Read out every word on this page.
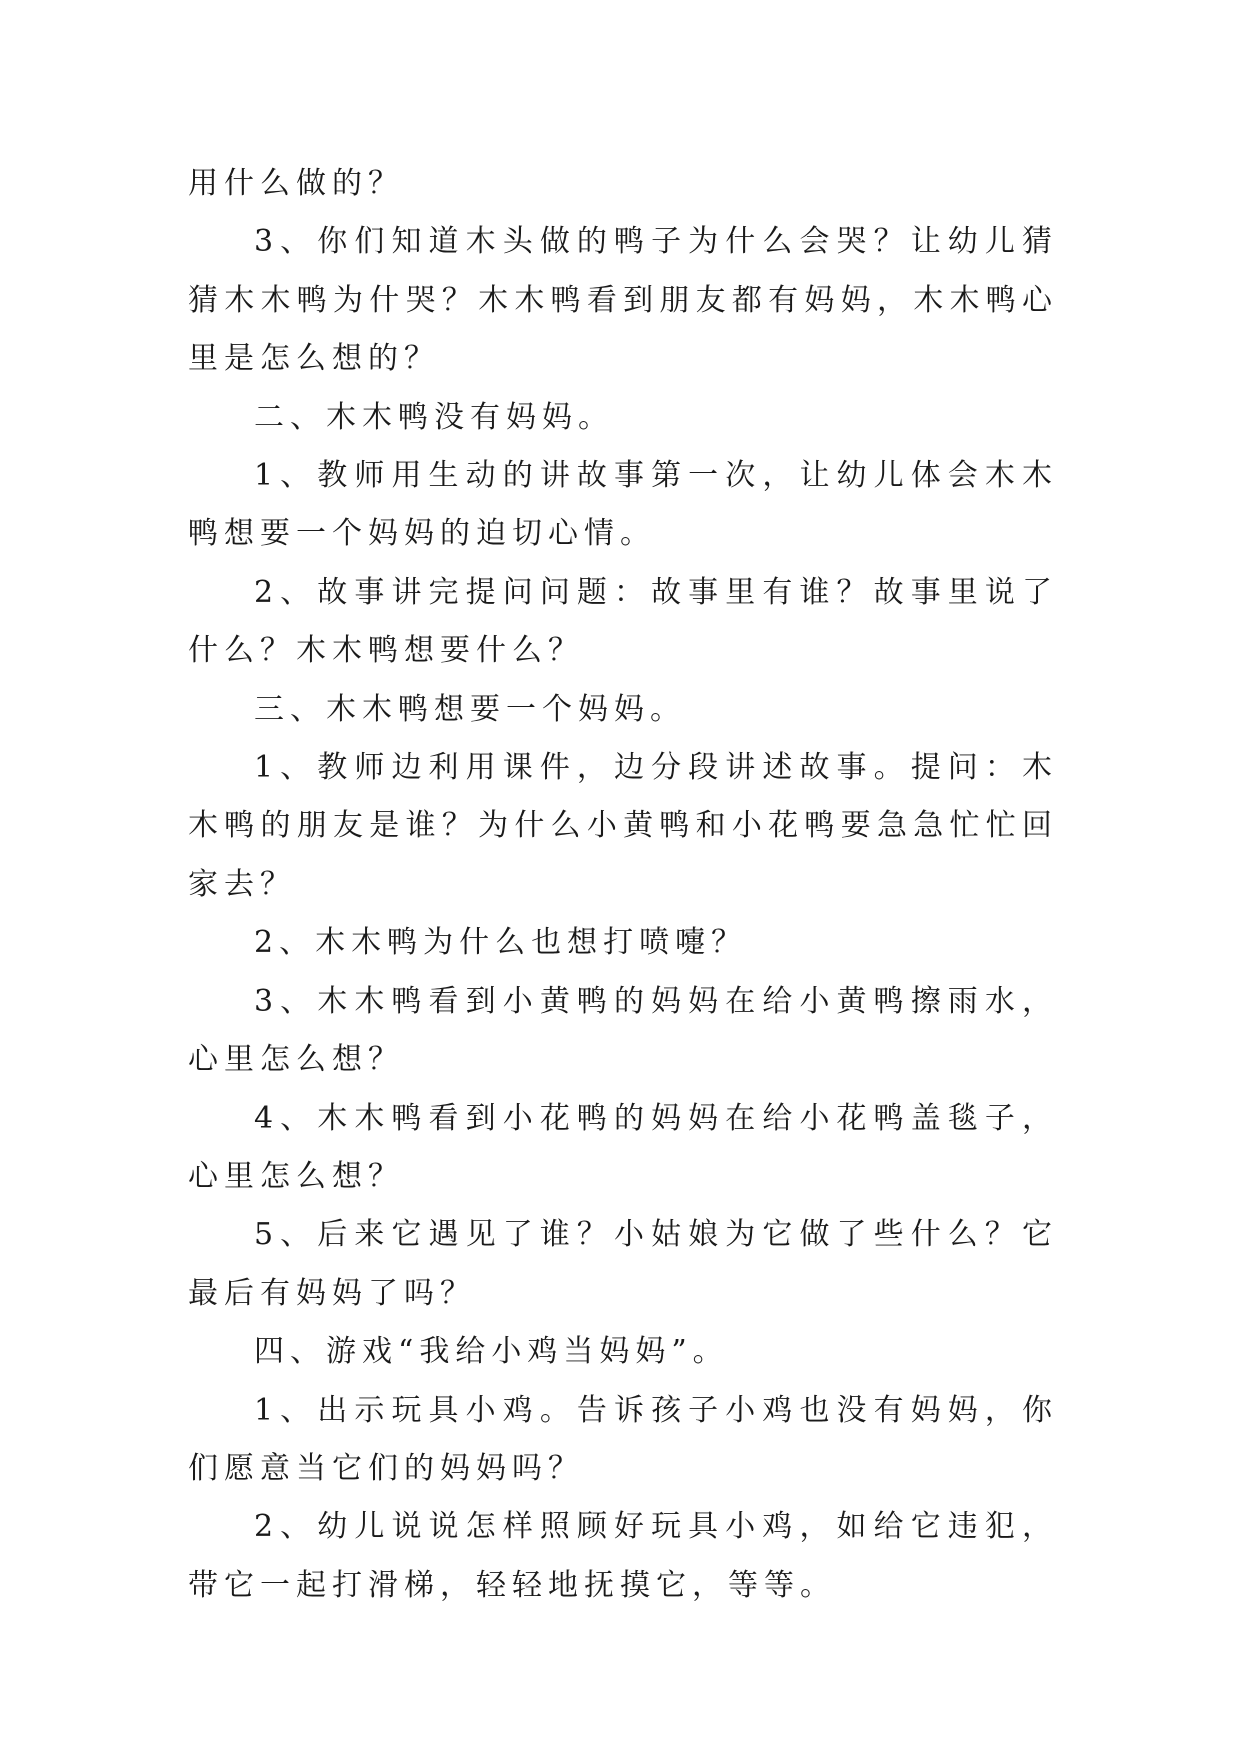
用什么做的？

3、你们知道木头做的鸭子为什么会哭？让幼儿猜猜木木鸭为什哭？木木鸭看到朋友都有妈妈，木木鸭心里是怎么想的？

二、木木鸭没有妈妈。

1、教师用生动的讲故事第一次，让幼儿体会木木鸭想要一个妈妈的迫切心情。

2、故事讲完提问问题：故事里有谁？故事里说了什么？木木鸭想要什么？

三、木木鸭想要一个妈妈。

1、教师边利用课件，边分段讲述故事。提问：木木鸭的朋友是谁？为什么小黄鸭和小花鸭要急急忙忙回家去？

2、木木鸭为什么也想打喷嚏？

3、木木鸭看到小黄鸭的妈妈在给小黄鸭擦雨水，心里怎么想？

4、木木鸭看到小花鸭的妈妈在给小花鸭盖毯子，心里怎么想？

5、后来它遇见了谁？小姑娘为它做了些什么？它最后有妈妈了吗？

四、游戏“我给小鸡当妈妈”。

1、出示玩具小鸡。告诉孩子小鸡也没有妈妈，你们愿意当它们的妈妈吗？

2、幼儿说说怎样照顾好玩具小鸡，如给它违犯，带它一起打滑梯，轻轻地抚摸它，等等。
